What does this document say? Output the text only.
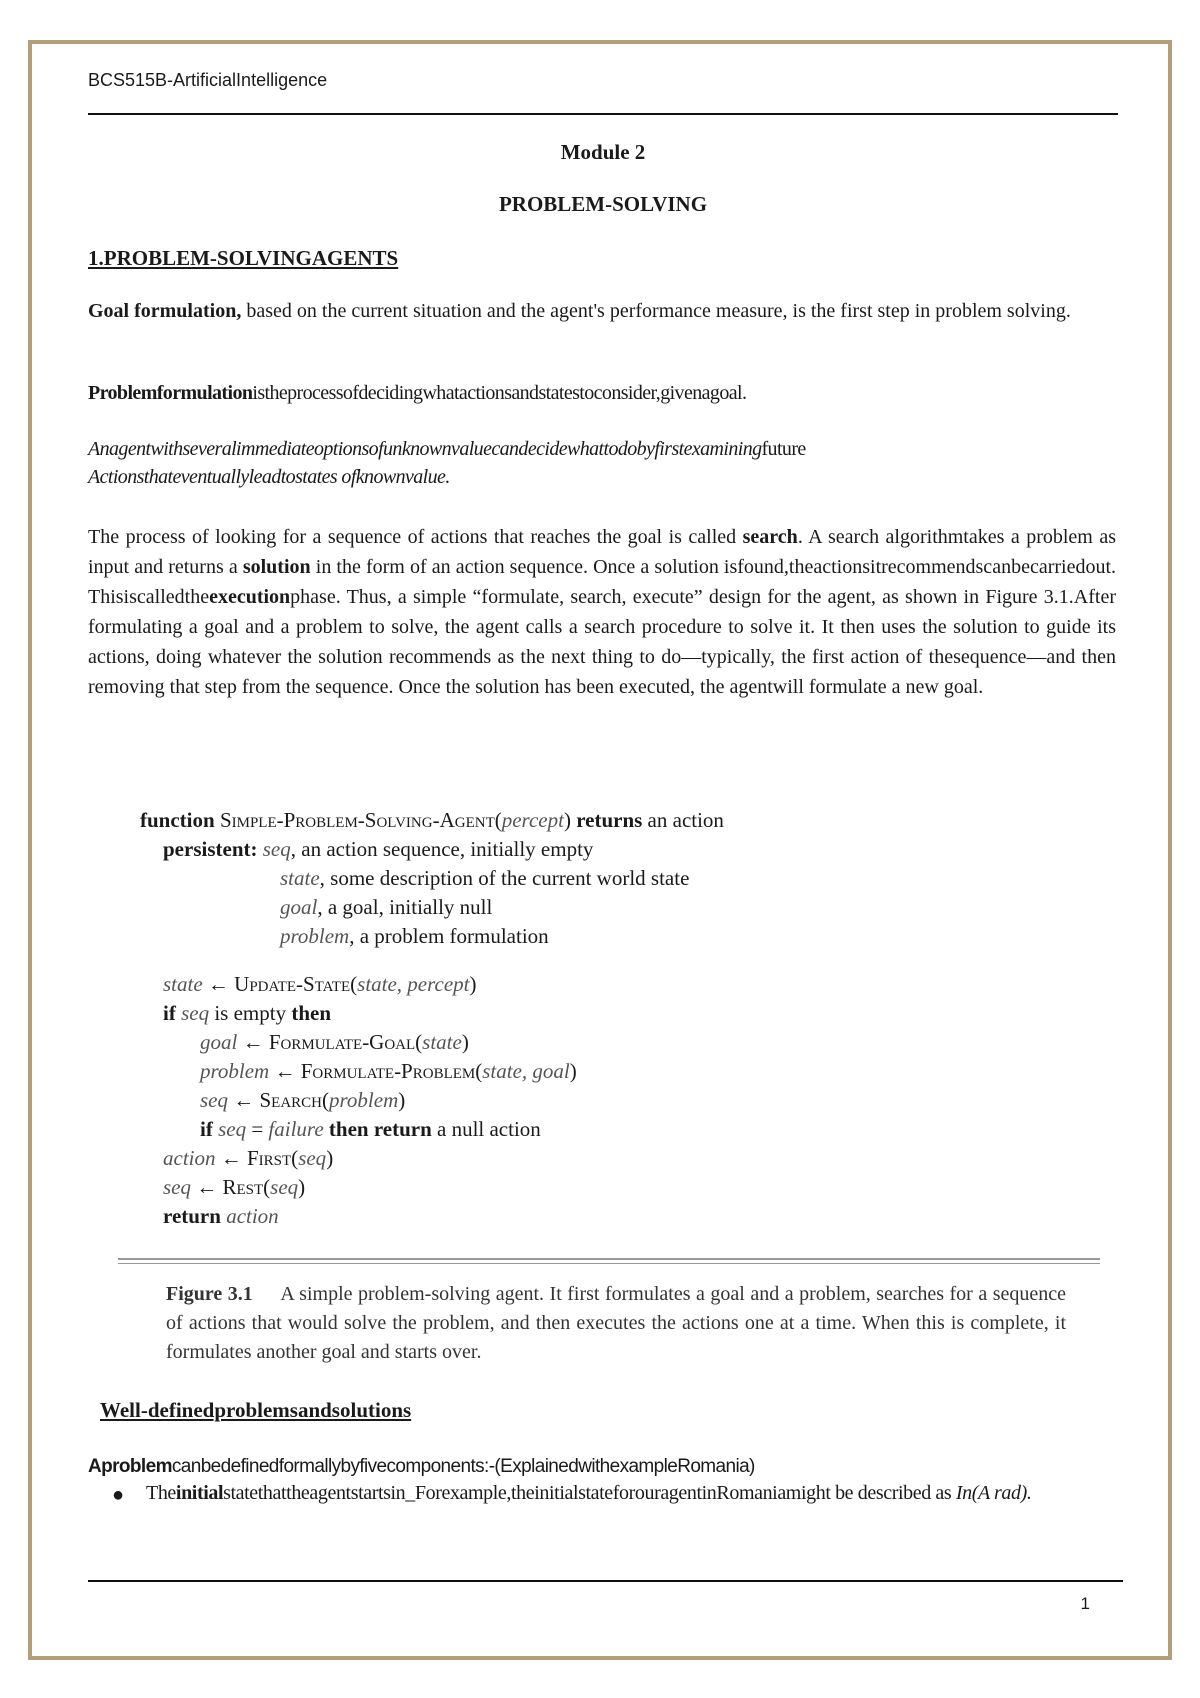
BCS515B-ArtificialIntelligence
Module 2
PROBLEM-SOLVING
1.PROBLEM-SOLVINGAGENTS
Goal formulation, based on the current situation and the agent's performance measure, is the first step in problem solving.
Problemformulationistheprocessofdecidingwhatactionsandstatestoconsider,givenagoal.
Anagentwithseveralimmediateoptionsofunknownvaluecandecidewhattodobyfirstexaminingfuture
Actionsthateventuallyleadtostates ofknownvalue.
The process of looking for a sequence of actions that reaches the goal is called search. A search algorithmtakes a problem as input and returns a solution in the form of an action sequence. Once a solution isfound,theactionsitrecommendscanbecarriedout. Thisiscalledtheexecutionphase. Thus, a simple “formulate, search, execute” design for the agent, as shown in Figure 3.1.After formulating a goal and a problem to solve, the agent calls a search procedure to solve it. It then uses the solution to guide its actions, doing whatever the solution recommends as the next thing to do—typically, the first action of thesequence—and then removing that step from the sequence. Once the solution has been executed, the agentwill formulate a new goal.
function Simple-Problem-Solving-Agent(percept) returns an action
persistent: seq, an action sequence, initially empty
state, some description of the current world state
goal, a goal, initially null
problem, a problem formulation
state ← Update-State(state, percept)
if seq is empty then
goal ← Formulate-Goal(state)
problem ← Formulate-Problem(state, goal)
seq ← Search(problem)
if seq = failure then return a null action
action ← First(seq)
seq ← Rest(seq)
return action
Figure 3.1 A simple problem-solving agent. It first formulates a goal and a problem, searches for a sequence of actions that would solve the problem, and then executes the actions one at a time. When this is complete, it formulates another goal and starts over.
Well-definedproblemsandsolutions
Aproblemcanbedefinedformallybyfivecomponents:-(ExplainedwithexampleRomania)
● Theinitialstatethattheagentstartsin_Forexample,theinitialstateforouragentinRomaniamight be described as In(A rad).
1
